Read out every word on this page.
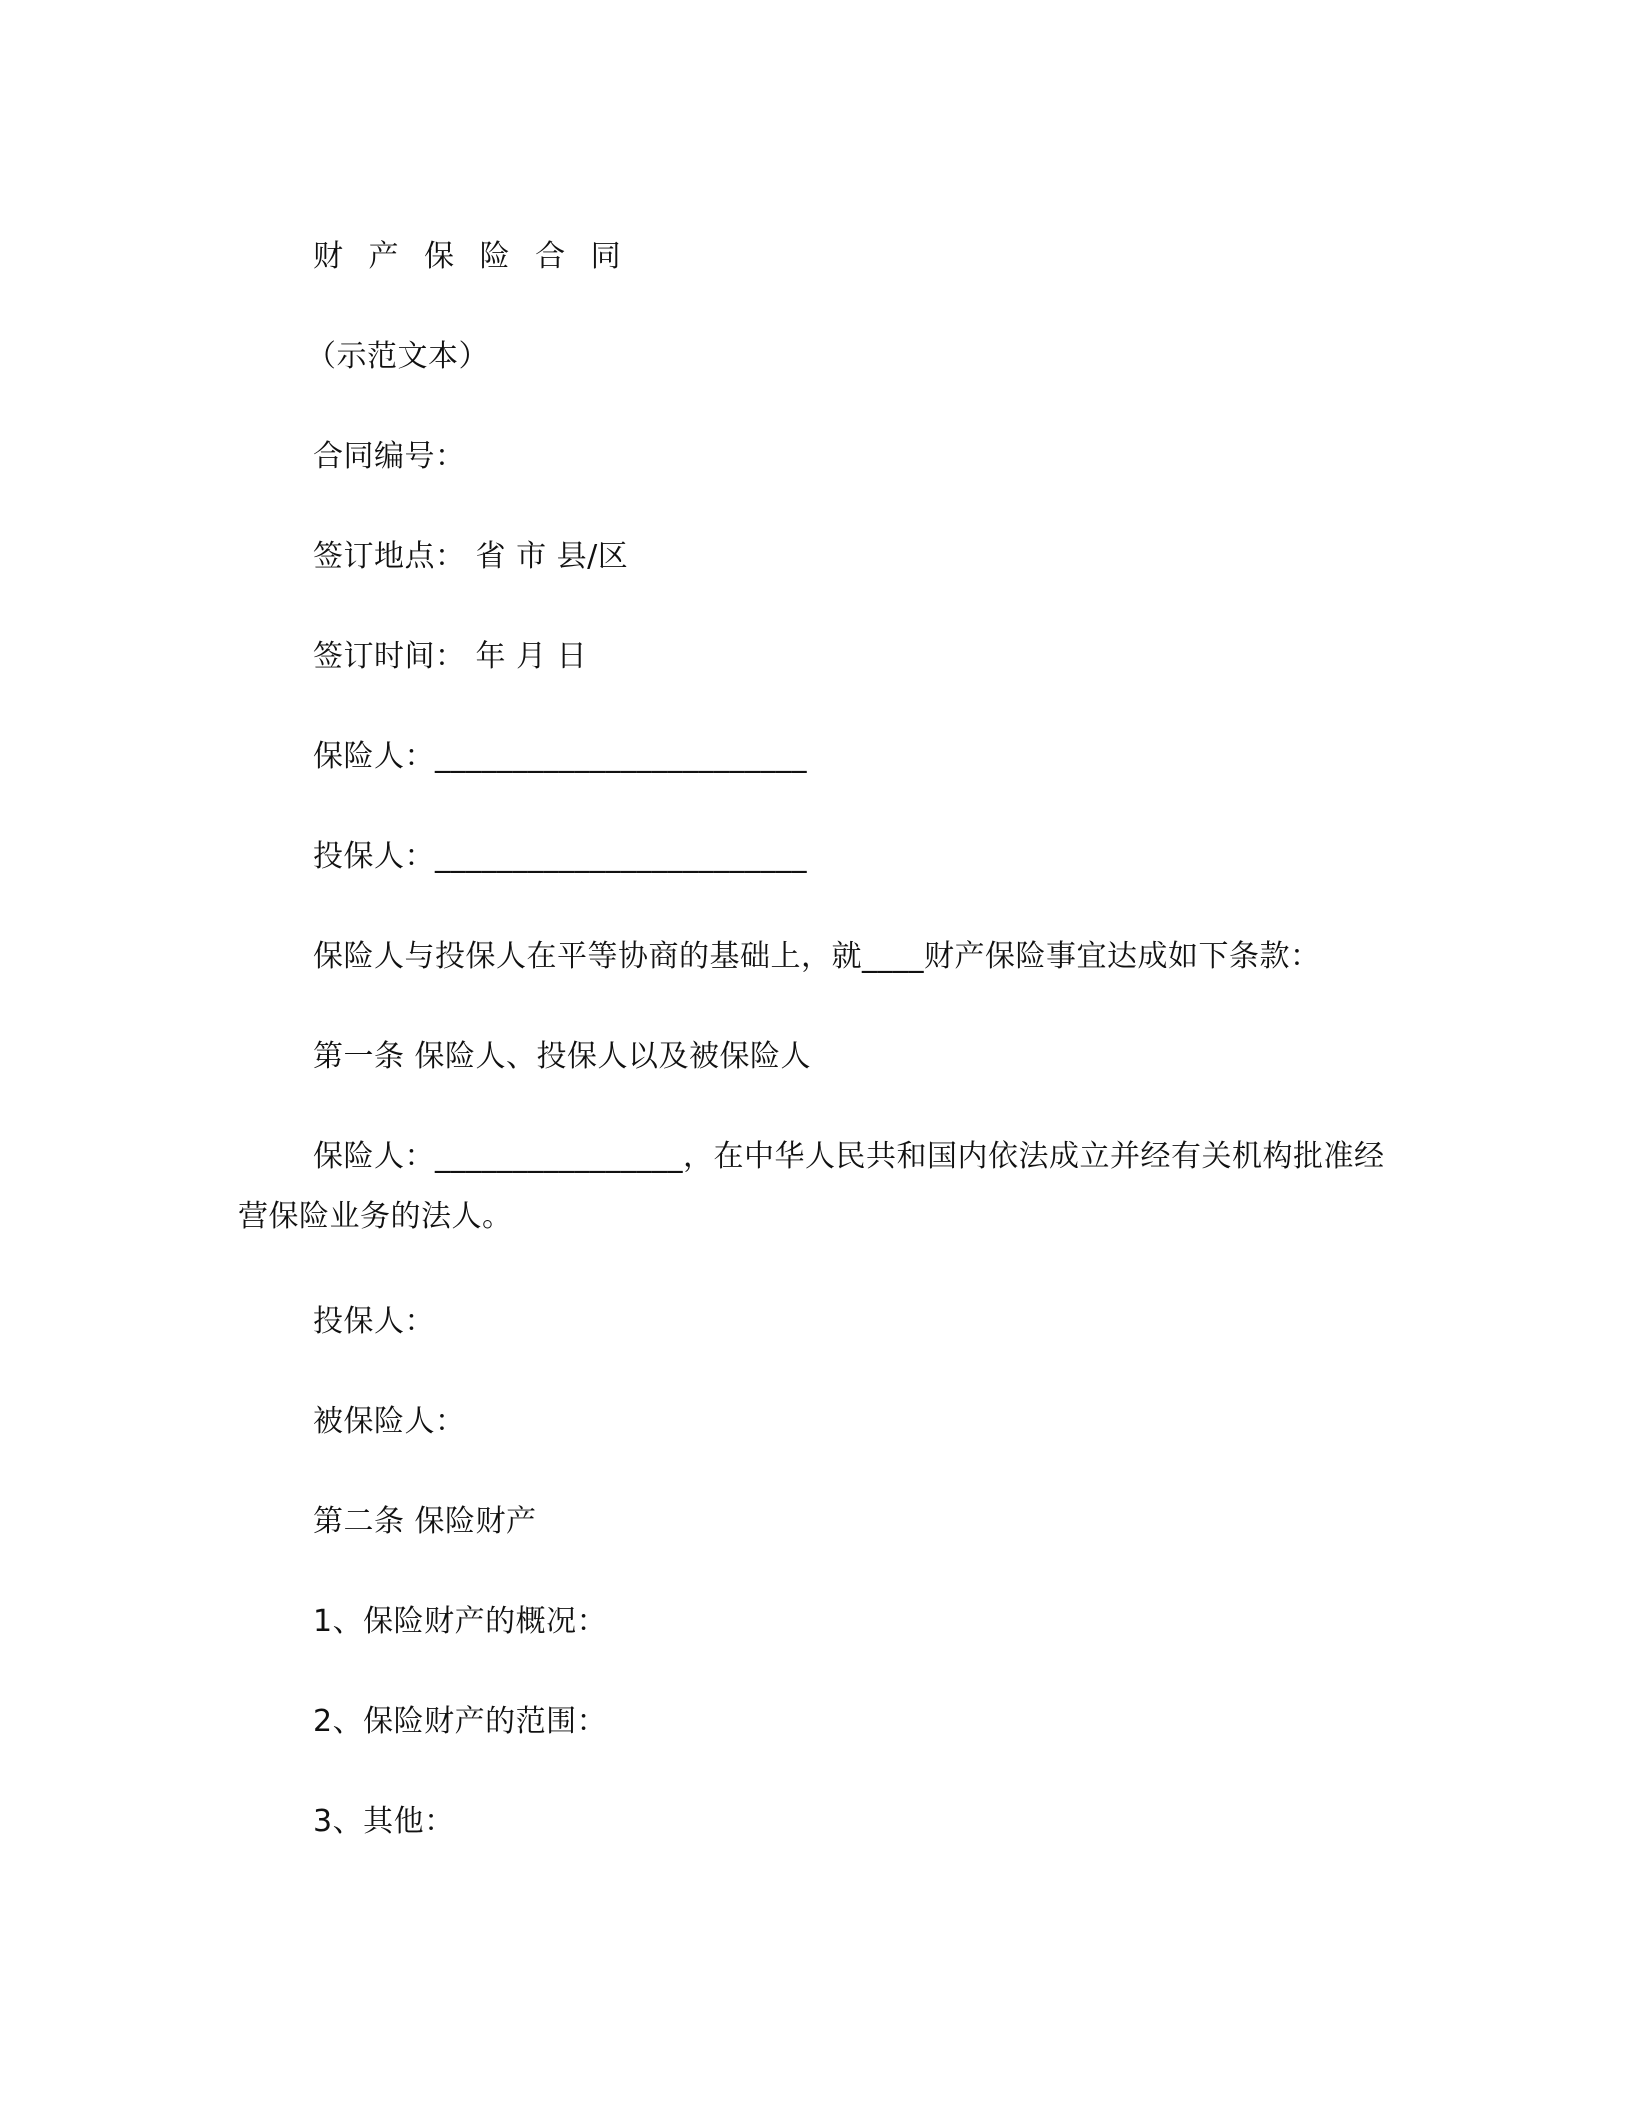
财 产 保 险 合 同
（示范文本）
合同编号：
签订地点： 省 市 县/区
签订时间： 年 月 日
保险人：________________________
投保人：________________________
保险人与投保人在平等协商的基础上，就____财产保险事宜达成如下条款：
第一条 保险人、投保人以及被保险人
保险人：________________，在中华人民共和国内依法成立并经有关机构批准经营保险业务的法人。
投保人：
被保险人：
第二条 保险财产
1、保险财产的概况：
2、保险财产的范围：
3、其他：
